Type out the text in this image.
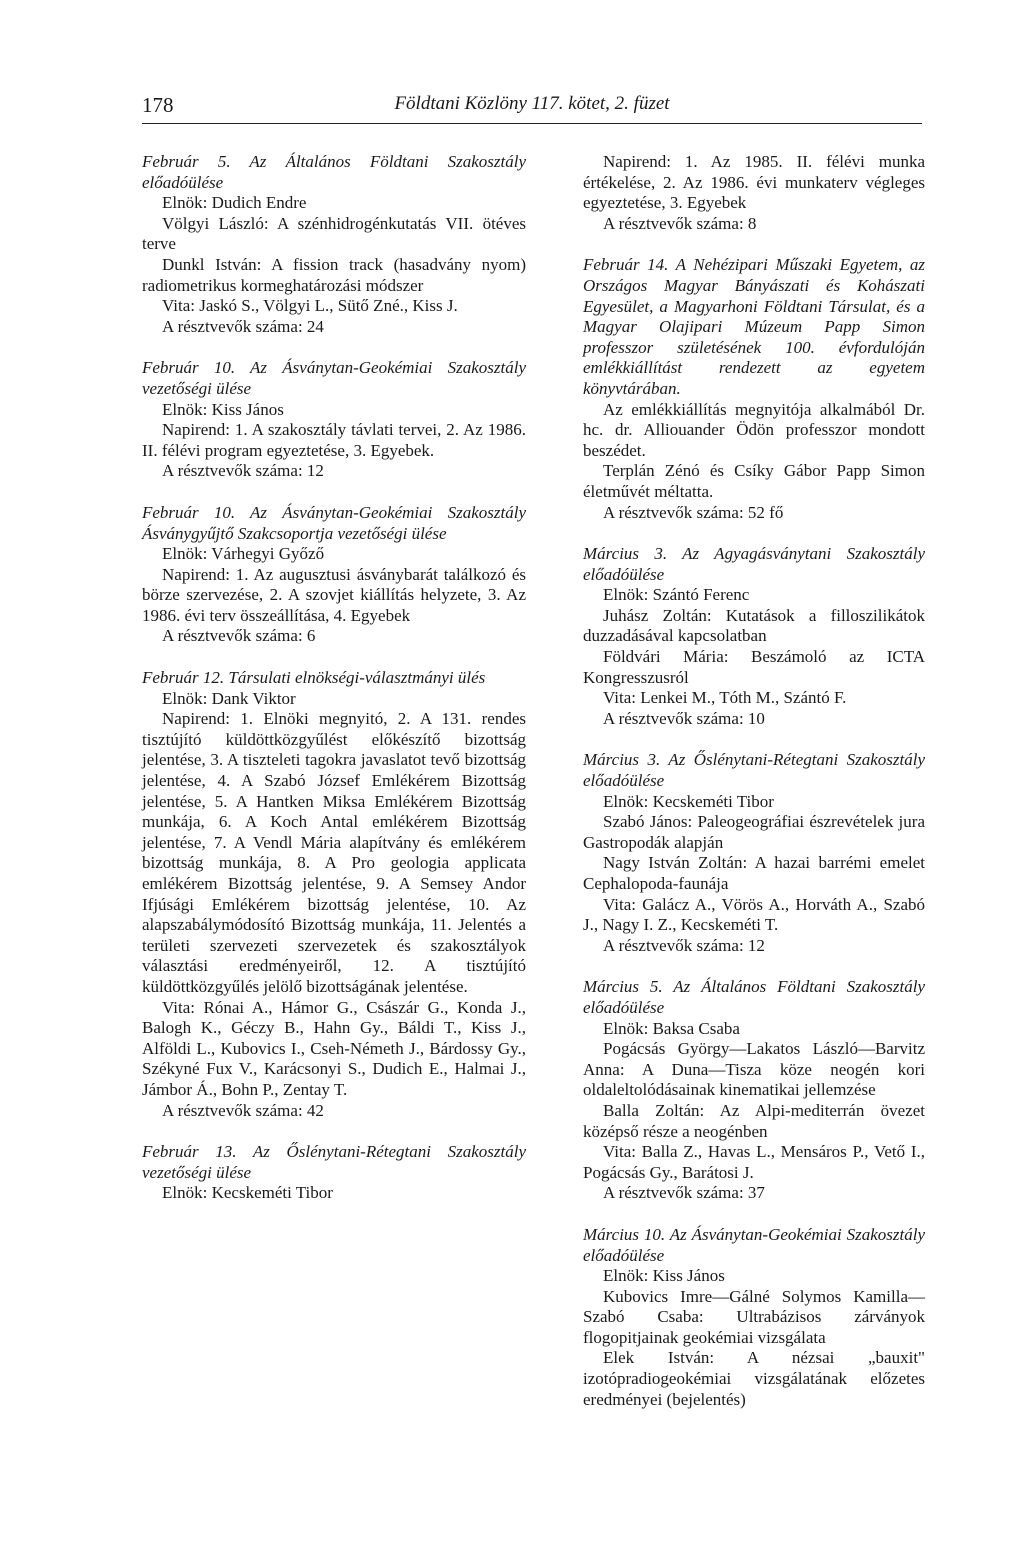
178	Földtani Közlöny 117. kötet, 2. füzet

Február 5. Az Általános Földtani Szakosztály előadóülése

Elnök: Dudich Endre

Völgyi László: A szénhidrogénkutatás VII. ötéves terve

Dunkl István: A fission track (hasadvány nyom) radiometrikus kormeghatározási módszer

Vita: Jaskó S., Völgyi L., Sütő Zné., Kiss J.

A résztvevők száma: 24

Február 10. Az Ásványtan-Geokémiai Szakosztály vezetőségi ülése

Elnök: Kiss János

Napirend: 1. A szakosztály távlati tervei, 2. Az 1986. II. félévi program egyeztetése, 3. Egyebek.

A résztvevők száma: 12

Február 10. Az Ásványtan-Geokémiai Szakosztály Ásványgyűjtő Szakcsoportja vezetőségi ülése

Elnök: Várhegyi Győző

Napirend: 1. Az augusztusi ásványbarát találkozó és börze szervezése, 2. A szovjet kiállítás helyzete, 3. Az 1986. évi terv összeállítása, 4. Egyebek

A résztvevők száma: 6

Február 12. Társulati elnökségi-választmányi ülés

Elnök: Dank Viktor

Napirend: 1. Elnöki megnyitó, 2. A 131. rendes tisztújító küldöttközgyűlést előkészítő bizottság jelentése, 3. A tiszteleti tagokra javaslatot tevő bizottság jelentése, 4. A Szabó József Emlékérem Bizottság jelentése, 5. A Hantken Miksa Emlékérem Bizottság munkája, 6. A Koch Antal emlékérem Bizottság jelentése, 7. A Vendl Mária alapítvány és emlékérem bizottság munkája, 8. A Pro geologia applicata emlékérem Bizottság jelentése, 9. A Semsey Andor Ifjúsági Emlékérem bizottság jelentése, 10. Az alapszabálymódosító Bizottság munkája, 11. Jelentés a területi szervezeti szervezetek és szakosztályok választási eredményeiről, 12. A tisztújító küldöttközgyűlés jelölő bizottságának jelentése.

Vita: Rónai A., Hámor G., Császár G., Konda J., Balogh K., Géczy B., Hahn Gy., Báldi T., Kiss J., Alföldi L., Kubovics I., Cseh-Németh J., Bárdossy Gy., Székyné Fux V., Karácsonyi S., Dudich E., Halmai J., Jámbor Á., Bohn P., Zentay T.

A résztvevők száma: 42

Február 13. Az Őslénytani-Rétegtani Szakosztály vezetőségi ülése

Elnök: Kecskeméti Tibor

Napirend: 1. Az 1985. II. félévi munka értékelése, 2. Az 1986. évi munkaterv végleges egyeztetése, 3. Egyebek

A résztvevők száma: 8

Február 14. A Nehézipari Műszaki Egyetem, az Országos Magyar Bányászati és Kohászati Egyesület, a Magyarhoni Földtani Társulat, és a Magyar Olajipari Múzeum Papp Simon professzor születésének 100. évfordulóján emlékkiállítást rendezett az egyetem könyvtárában.

Az emlékkiállítás megnyitója alkalmából Dr. hc. dr. Alliouander Ödön professzor mondott beszédet.

Terplán Zénó és Csíky Gábor Papp Simon életművét méltatta.

A résztvevők száma: 52 fő

Március 3. Az Agyagásványtani Szakosztály előadóülése

Elnök: Szántó Ferenc

Juhász Zoltán: Kutatások a filloszilikátok duzzadásával kapcsolatban

Földvári Mária: Beszámoló az ICTA Kongresszusról

Vita: Lenkei M., Tóth M., Szántó F.

A résztvevők száma: 10

Március 3. Az Őslénytani-Rétegtani Szakosztály előadóülése

Elnök: Kecskeméti Tibor

Szabó János: Paleogeográfiai észrevételek jura Gastropodák alapján

Nagy István Zoltán: A hazai barrémi emelet Cephalopoda-faunája

Vita: Galácz A., Vörös A., Horváth A., Szabó J., Nagy I. Z., Kecskeméti T.

A résztvevők száma: 12

Március 5. Az Általános Földtani Szakosztály előadóülése

Elnök: Baksa Csaba

Pogácsás György—Lakatos László—Barvitz Anna: A Duna—Tisza köze neogén kori oldaleltolódásainak kinematikai jellemzése

Balla Zoltán: Az Alpi-mediterrán övezet középső része a neogénben

Vita: Balla Z., Havas L., Mensáros P., Vető I., Pogácsás Gy., Barátosi J.

A résztvevők száma: 37

Március 10. Az Ásványtan-Geokémiai Szakosztály előadóülése

Elnök: Kiss János

Kubovics Imre—Gálné Solymos Kamilla—Szabó Csaba: Ultrabázisos zárványok flogopitjainak geokémiai vizsgálata

Elek István: A nézsai „bauxit" izotópradiogeokémiai vizsgálatának előzetes eredményei (bejelentés)
